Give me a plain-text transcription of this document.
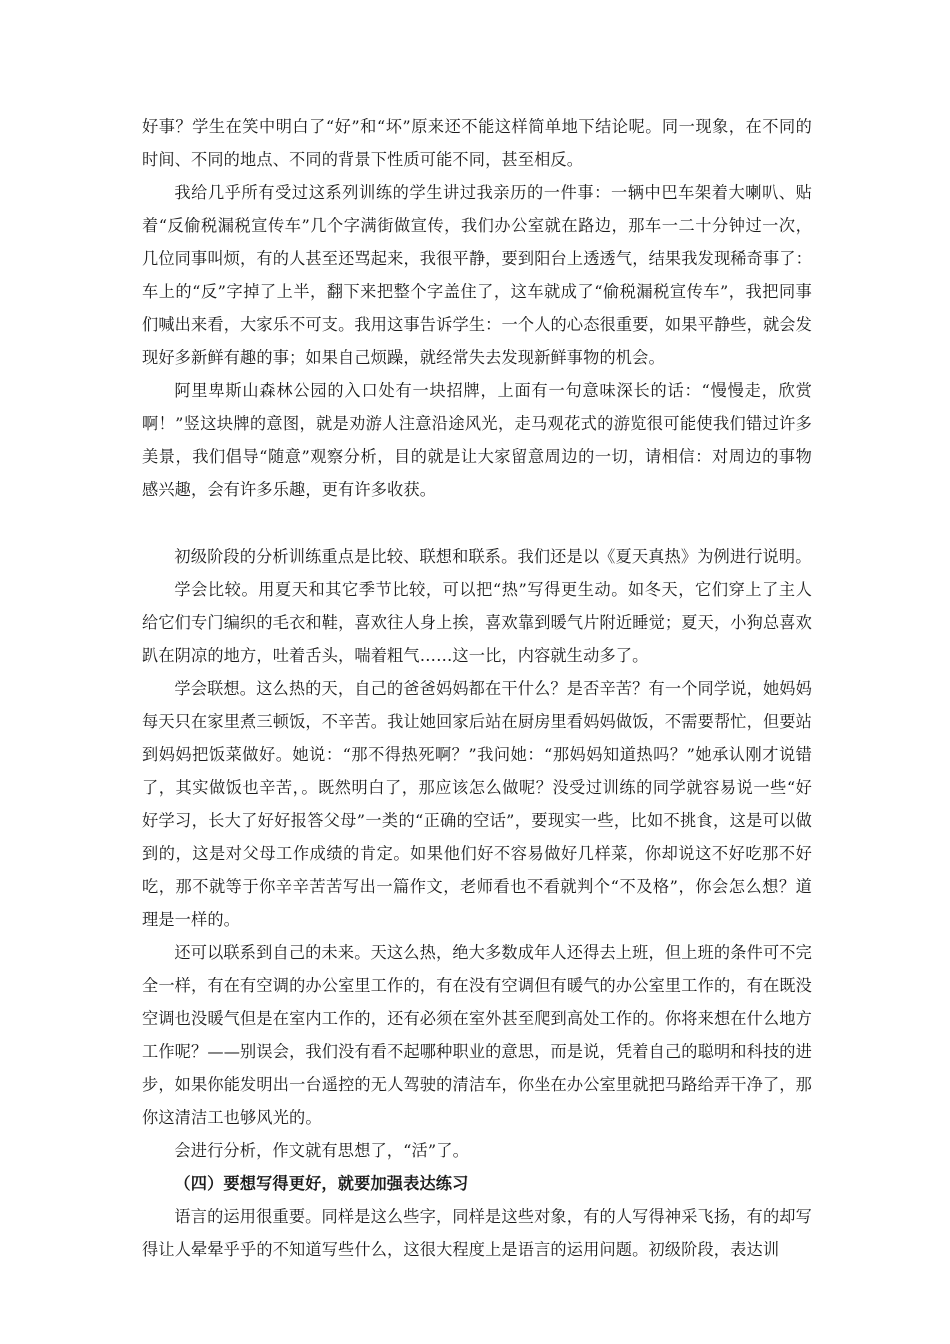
好事？学生在笑中明白了“好”和“坏”原来还不能这样简单地下结论呢。同一现象，在不同的时间、不同的地点、不同的背景下性质可能不同，甚至相反。

我给几乎所有受过这系列训练的学生讲过我亲历的一件事：一辆中巴车架着大喇叭、贴着“反偷税漏税宣传车”几个字满街做宣传，我们办公室就在路边，那车一二十分钟过一次，几位同事叫烦，有的人甚至还骂起来，我很平静，要到阳台上透透气，结果我发现稀奇事了：车上的“反”字掉了上半，翻下来把整个字盖住了，这车就成了“偷税漏税宣传车”，我把同事们喊出来看，大家乐不可支。我用这事告诉学生：一个人的心态很重要，如果平静些，就会发现好多新鲜有趣的事；如果自己烦躁，就经常失去发现新鲜事物的机会。

阿里卑斯山森林公园的入口处有一块招牌，上面有一句意味深长的话：“慢慢走，欣赏啊！”竖这块牌的意图，就是劝游人注意沿途风光，走马观花式的游览很可能使我们错过许多美景，我们倡导“随意”观察分析，目的就是让大家留意周边的一切，请相信：对周边的事物感兴趣，会有许多乐趣，更有许多收获。

初级阶段的分析训练重点是比较、联想和联系。我们还是以《夏天真热》为例进行说明。

学会比较。用夏天和其它季节比较，可以把“热”写得更生动。如冬天，它们穿上了主人给它们专门编织的毛衣和鞋，喜欢往人身上挨，喜欢靠到暖气片附近睡觉；夏天，小狗总喜欢趴在阴凉的地方，吐着舌头，喘着粗气……这一比，内容就生动多了。

学会联想。这么热的天，自己的爸爸妈妈都在干什么？是否辛苦？有一个同学说，她妈妈每天只在家里煮三顿饭，不辛苦。我让她回家后站在厨房里看妈妈做饭，不需要帮忙，但要站到妈妈把饭菜做好。她说：“那不得热死啊？”我问她：“那妈妈知道热吗？”她承认刚才说错了，其实做饭也辛苦，。既然明白了，那应该怎么做呢？没受过训练的同学就容易说一些“好好学习，长大了好好报答父母”一类的“正确的空话”，要现实一些，比如不挑食，这是可以做到的，这是对父母工作成绩的肯定。如果他们好不容易做好几样菜，你却说这不好吃那不好吃，那不就等于你辛辛苦苦写出一篇作文，老师看也不看就判个“不及格”，你会怎么想？道理是一样的。

还可以联系到自己的未来。天这么热，绝大多数成年人还得去上班，但上班的条件可不完全一样，有在有空调的办公室里工作的，有在没有空调但有暖气的办公室里工作的，有在既没空调也没暖气但是在室内工作的，还有必须在室外甚至爬到高处工作的。你将来想在什么地方工作呢？——别误会，我们没有看不起哪种职业的意思，而是说，凭着自己的聪明和科技的进步，如果你能发明出一台遥控的无人驾驶的清洁车，你坐在办公室里就把马路给弄干净了，那你这清洁工也够风光的。

会进行分析，作文就有思想了，“活”了。

（四）要想写得更好，就要加强表达练习

语言的运用很重要。同样是这么些字，同样是这些对象，有的人写得神采飞扬，有的却写得让人晕晕乎乎的不知道写些什么，这很大程度上是语言的运用问题。初级阶段，表达训
